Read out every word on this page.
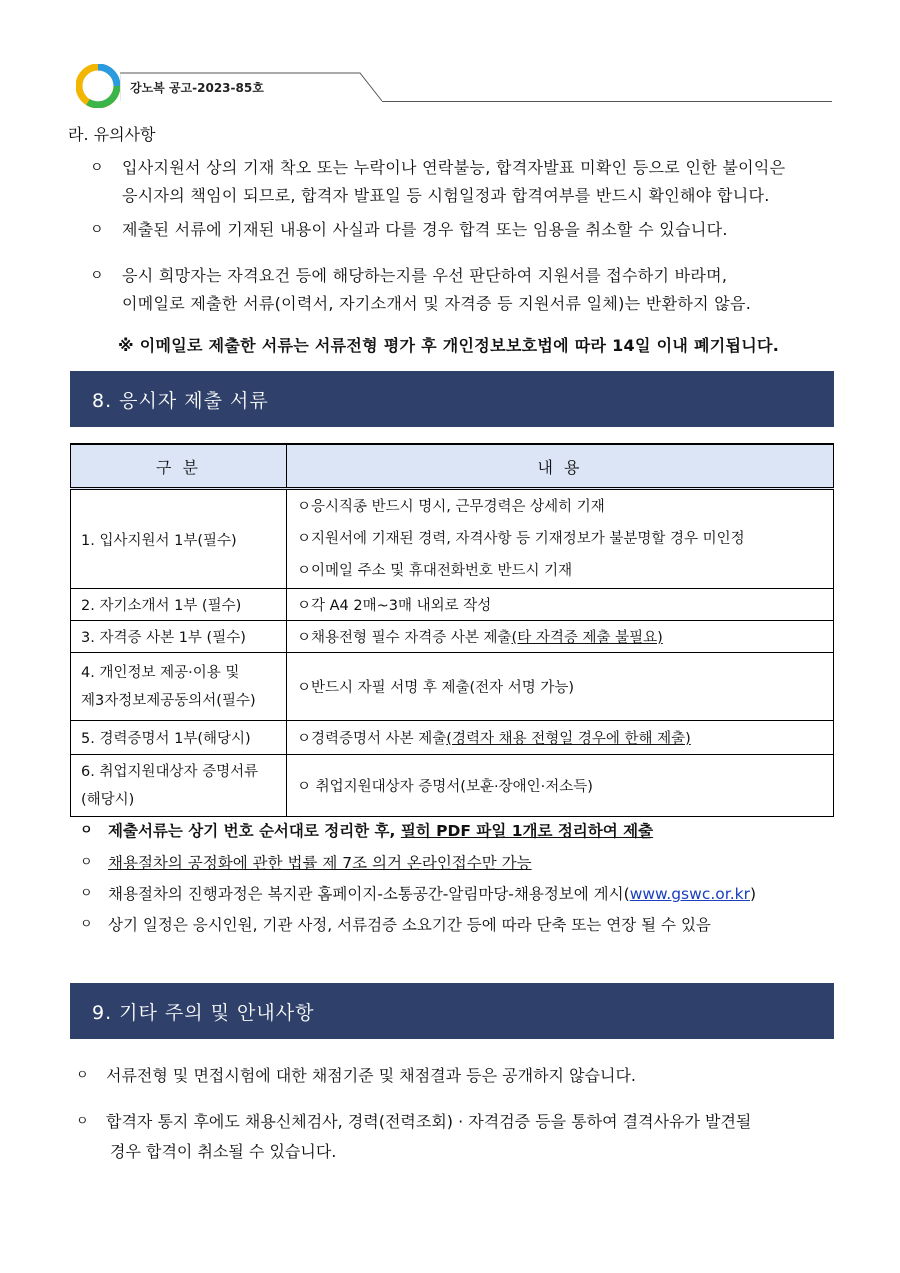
강노복 공고-2023-85호
라. 유의사항
ㅇ	입사지원서 상의 기재 착오 또는 누락이나 연락불능, 합격자발표 미확인 등으로 인한 불이익은
응시자의 책임이 되므로, 합격자 발표일 등 시험일정과 합격여부를 반드시 확인해야 합니다.
ㅇ	제출된 서류에 기재된 내용이 사실과 다를 경우 합격 또는 임용을 취소할 수 있습니다.
ㅇ	응시 희망자는 자격요건 등에 해당하는지를 우선 판단하여 지원서를 접수하기 바라며,
이메일로 제출한 서류(이력서, 자기소개서 및 자격증 등 지원서류 일체)는 반환하지 않음.
※ 이메일로 제출한 서류는 서류전형 평가 후 개인정보보호법에 따라 14일 이내 폐기됩니다.
8. 응시자 제출 서류
구 분	내 용
1. 입사지원서 1부(필수)	ㅇ응시직종 반드시 명시, 근무경력은 상세히 기재
ㅇ지원서에 기재된 경력, 자격사항 등 기재정보가 불분명할 경우 미인정
ㅇ이메일 주소 및 휴대전화번호 반드시 기재

2. 자기소개서 1부 (필수)	ㅇ각 A4 2매~3매 내외로 작성
3. 자격증 사본 1부 (필수)	ㅇ채용전형 필수 자격증 사본 제출(타 자격증 제출 불필요)

4. 개인정보 제공·이용 및
제3자정보제공동의서(필수)	ㅇ반드시 자필 서명 후 제출(전자 서명 가능)
5. 경력증명서 1부(해당시)	ㅇ경력증명서 사본 제출(경력자 채용 전형일 경우에 한해 제출)

6. 취업지원대상자 증명서류
(해당시)	ㅇ 취업지원대상자 증명서(보훈·장애인·저소득)
ㅇ 제출서류는 상기 번호 순서대로 정리한 후, 필히 PDF 파일 1개로 정리하여 제출
ㅇ 채용절차의 공정화에 관한 법률 제 7조 의거 온라인접수만 가능
ㅇ 채용절차의 진행과정은 복지관 홈페이지-소통공간-알림마당-채용정보에 게시(www.gswc.or.kr)
ㅇ 상기 일정은 응시인원, 기관 사정, 서류검증 소요기간 등에 따라 단축 또는 연장 될 수 있음
9. 기타 주의 및 안내사항
ㅇ	서류전형 및 면접시험에 대한 채점기준 및 채점결과 등은 공개하지 않습니다.
ㅇ	합격자 통지 후에도 채용신체검사, 경력(전력조회) · 자격검증 등을 통하여 결격사유가 발견될
경우 합격이 취소될 수 있습니다.
